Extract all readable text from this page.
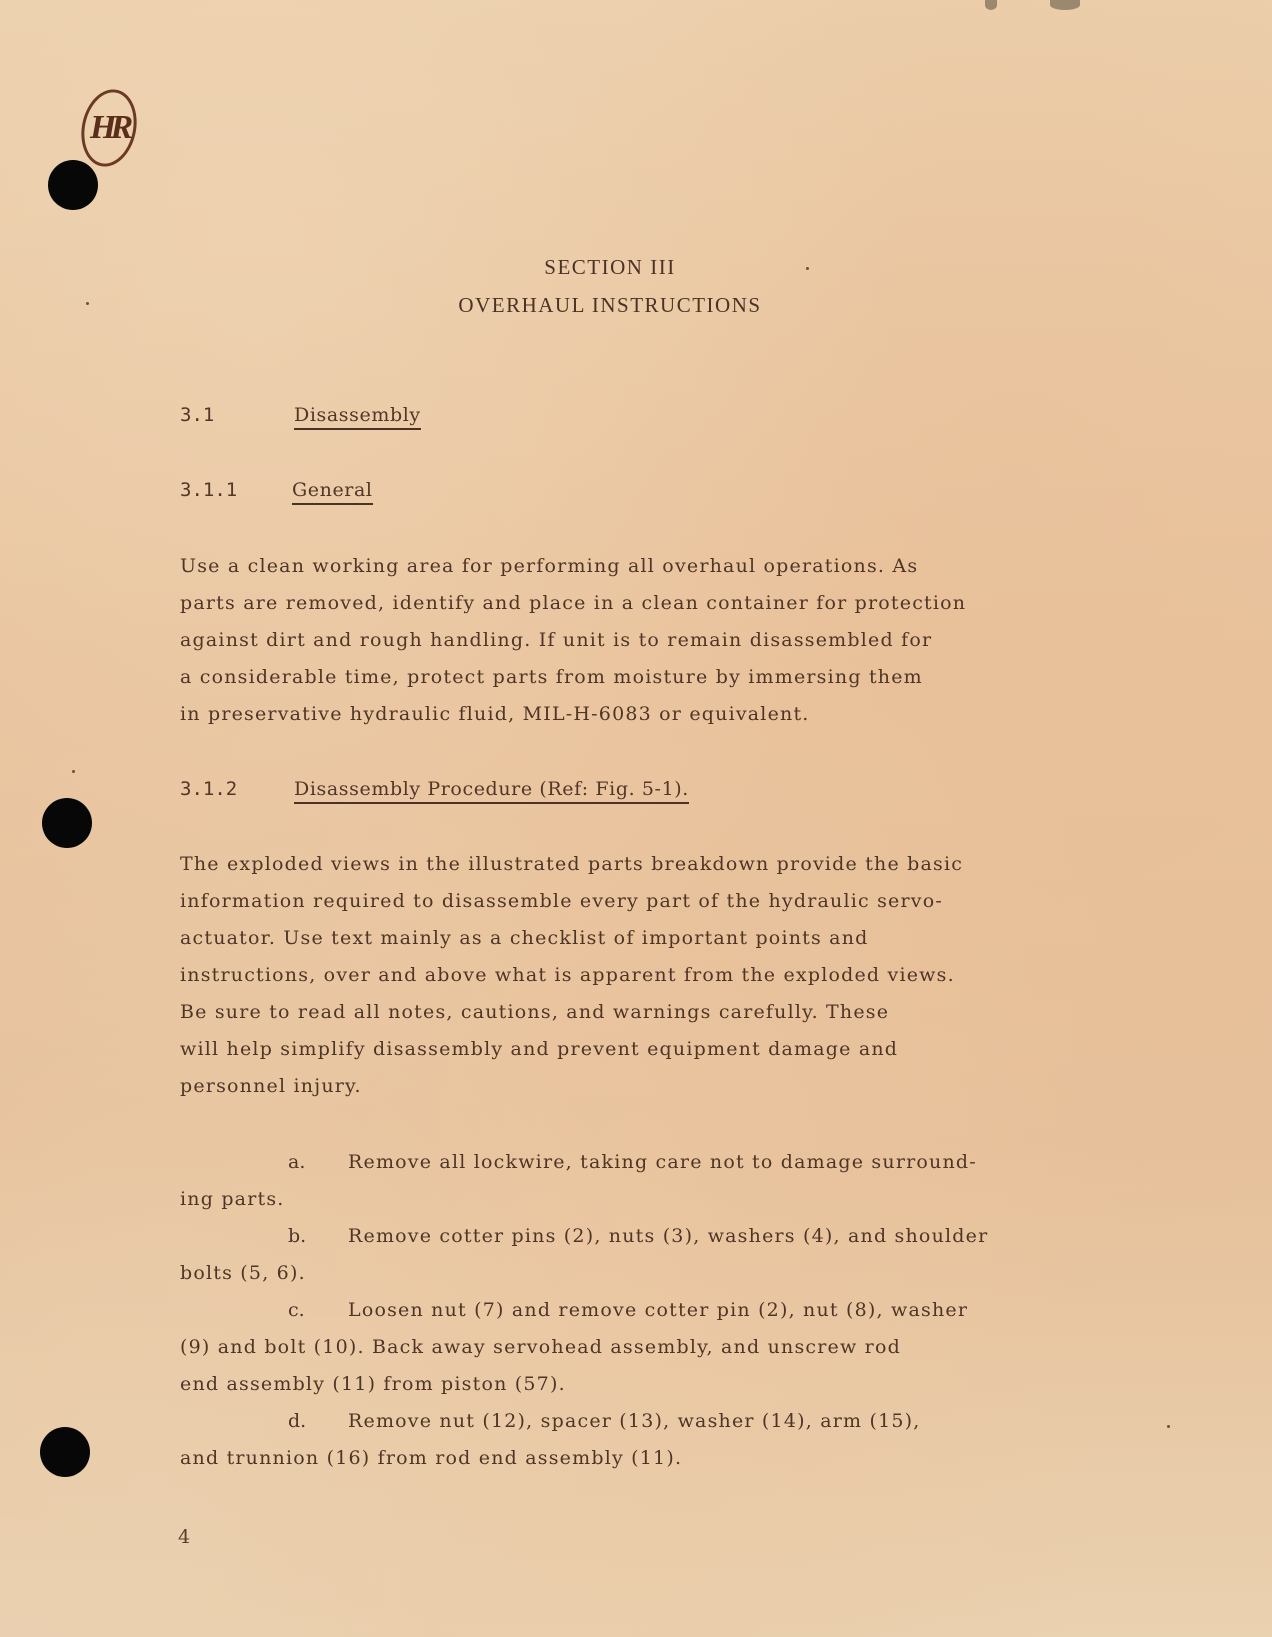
HR
SECTION III
OVERHAUL INSTRUCTIONS
3.1	Disassembly
3.1.1	General
Use a clean working area for performing all overhaul operations. As
parts are removed, identify and place in a clean container for protection
against dirt and rough handling. If unit is to remain disassembled for
a considerable time, protect parts from moisture by immersing them
in preservative hydraulic fluid, MIL-H-6083 or equivalent.
3.1.2	Disassembly Procedure (Ref: Fig. 5-1).
The exploded views in the illustrated parts breakdown provide the basic
information required to disassemble every part of the hydraulic servo-
actuator. Use text mainly as a checklist of important points and
instructions, over and above what is apparent from the exploded views.
Be sure to read all notes, cautions, and warnings carefully. These
will help simplify disassembly and prevent equipment damage and
personnel injury.
a. Remove all lockwire, taking care not to damage surround-
ing parts.
b. Remove cotter pins (2), nuts (3), washers (4), and shoulder
bolts (5, 6).
c. Loosen nut (7) and remove cotter pin (2), nut (8), washer
(9) and bolt (10). Back away servohead assembly, and unscrew rod
end assembly (11) from piston (57).
d. Remove nut (12), spacer (13), washer (14), arm (15),
and trunnion (16) from rod end assembly (11).
4
